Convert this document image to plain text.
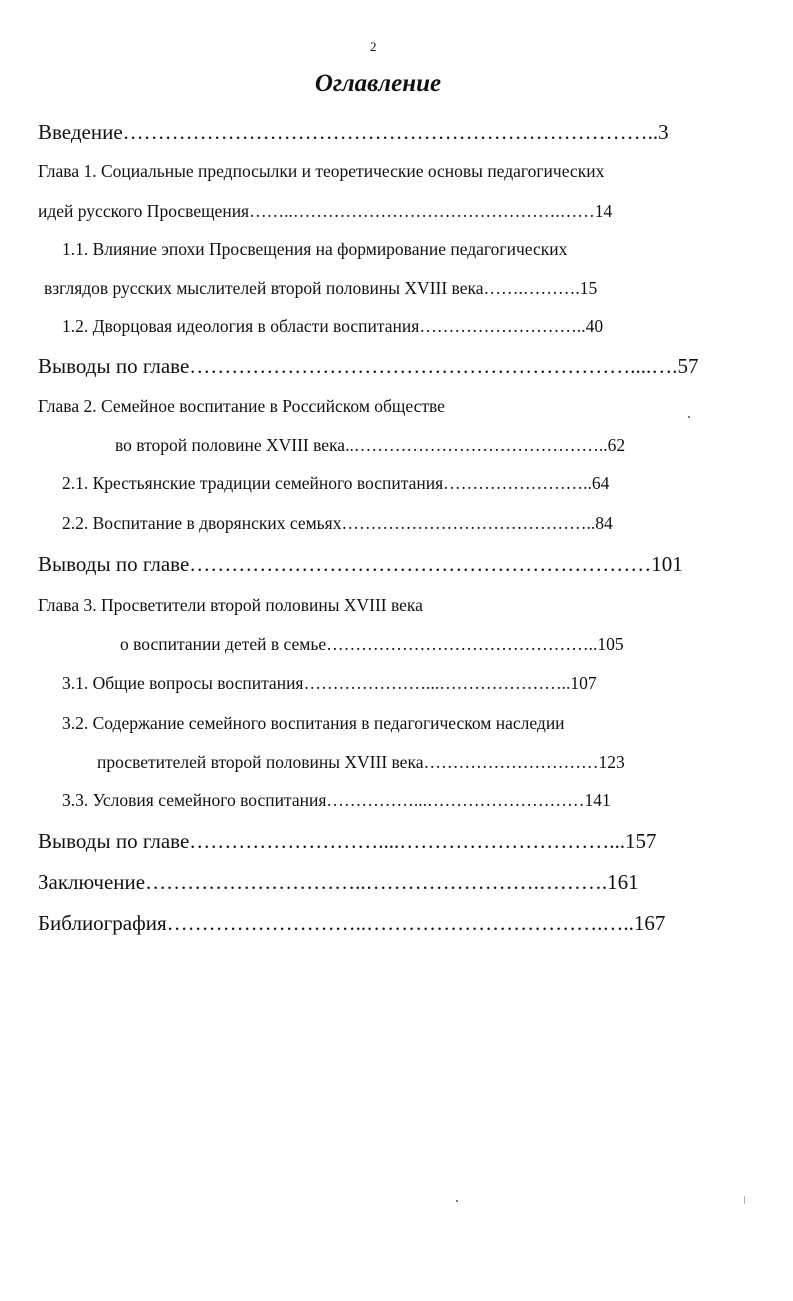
2
Оглавление
Введение…………………………………………………………………..3
Глава 1. Социальные предпосылки и теоретические основы педагогических
идей русского Просвещения……..……………………………………….……14
1.1. Влияние эпохи Просвещения на формирование педагогических
взглядов русских мыслителей второй половины XVIII века…….……….15
1.2. Дворцовая идеология в области воспитания………………………..40
Выводы по главе………………………………………………………....….57
Глава 2. Семейное воспитание в Российском обществе
во второй половине XVIII века..……………………………………..62
2.1. Крестьянские традиции семейного воспитания……………………..64
2.2. Воспитание в дворянских семьях……………………………………..84
Выводы по главе…………………………………………………………101
Глава 3. Просветители второй половины XVIII века
о воспитании детей в семье………………………………………..105
3.1. Общие вопросы воспитания…………………...…………………..107
3.2. Содержание семейного воспитания в педагогическом наследии
просветителей второй половины XVIII века…………………………123
3.3. Условия семейного воспитания……………...………………………141
Выводы по главе………………………....…………………………...157
Заключение…………………………..…………………….……….161
Библиография………………………..…………………………….…..167
